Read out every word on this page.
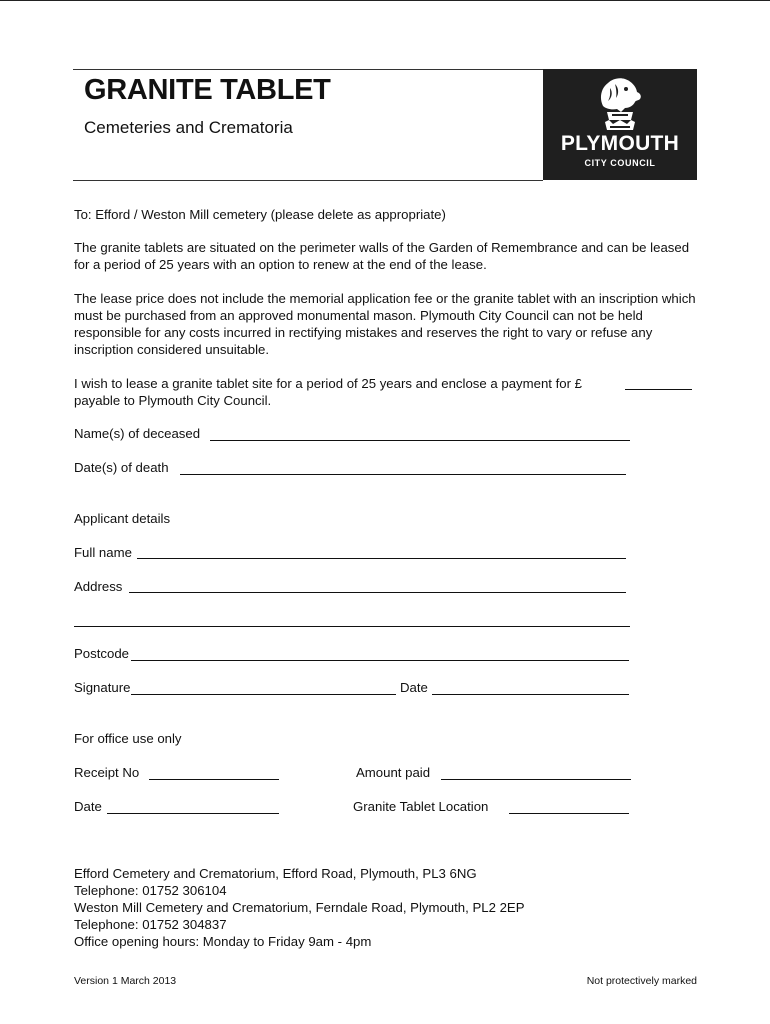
GRANITE TABLET
Cemeteries and Crematoria
PLYMOUTH
CITY COUNCIL
To: Efford / Weston Mill cemetery (please delete as appropriate)
The granite tablets are situated on the perimeter walls of the Garden of Remembrance and can be leased for a period of 25 years with an option to renew at the end of the lease.
The lease price does not include the memorial application fee or the granite tablet with an inscription which must be purchased from an approved monumental mason. Plymouth City Council can not be held responsible for any costs incurred in rectifying mistakes and reserves the right to vary or refuse any inscription considered unsuitable.
I wish to lease a granite tablet site for a period of 25 years and enclose a payment for £
payable to Plymouth City Council.
Name(s) of deceased
Date(s) of death
Applicant details
Full name
Address
Postcode
Signature	Date
For office use only
Receipt No	Amount paid
Date	Granite Tablet Location
Efford Cemetery and Crematorium, Efford Road, Plymouth, PL3 6NG
Telephone: 01752 306104
Weston Mill Cemetery and Crematorium, Ferndale Road, Plymouth, PL2 2EP
Telephone: 01752 304837
Office opening hours: Monday to Friday 9am - 4pm
Version 1 March 2013	Not protectively marked
